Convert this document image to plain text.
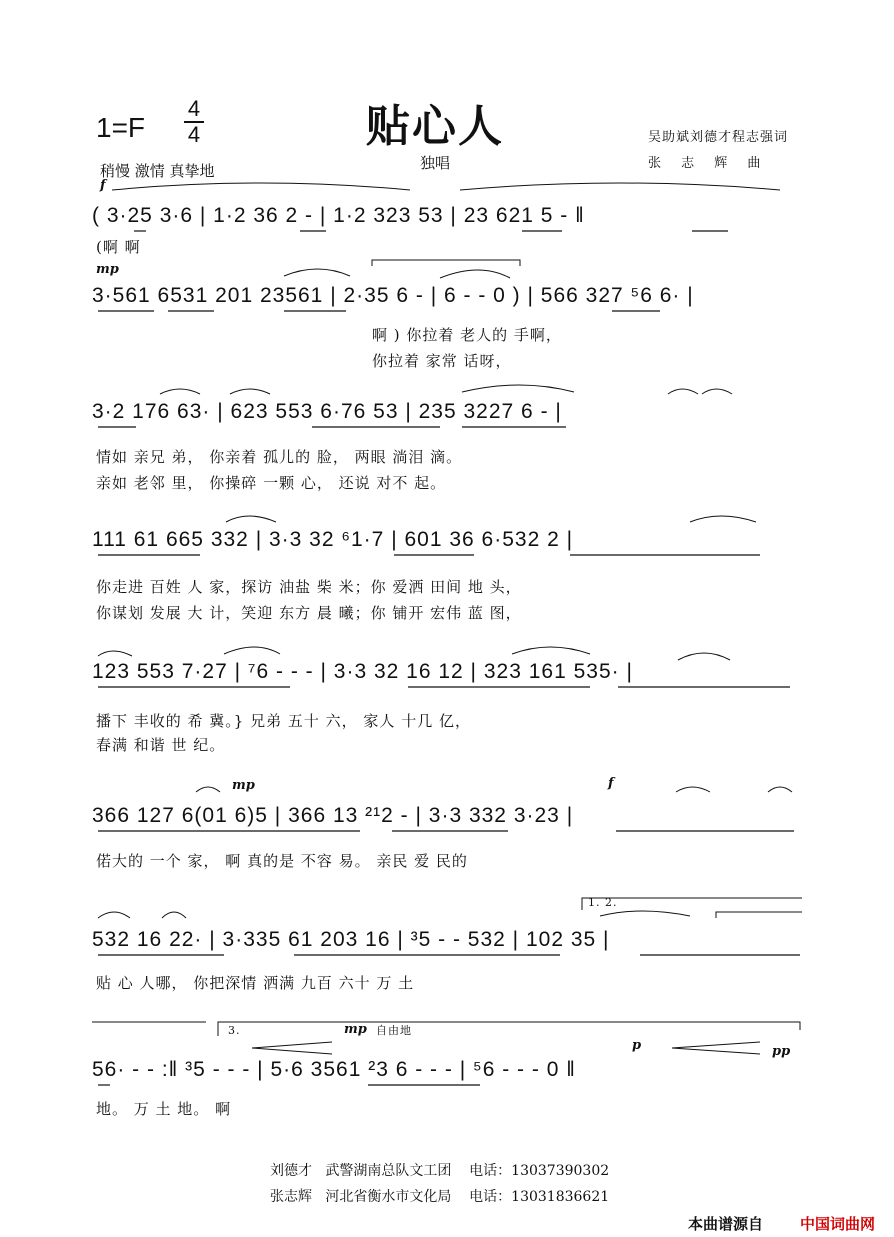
1=F
4
4	贴心人	吴助斌刘德才程志强词
张 志 辉 曲
稍慢 激情 真挚地	独唱
f
( 3·25 3·6 | 1·2 36 2 - | 1·2 323 53 | 23 621 5 - ‖
(啊 啊
mp
3·561 6531 201 23561 | 2·35 6 - | 6 - - 0 ) | 566 327 ⁵6 6· |
啊 ) 你拉着 老人的 手啊，
你拉着 家常 话呀，
3·2 176 63· | 623 553 6·76 53 | 235 3227 6 - |
情如 亲兄 弟， 你亲着 孤儿的 脸， 两眼 淌泪 滴。
亲如 老邻 里， 你操碎 一颗 心， 还说 对不 起。
111 61 665 332 | 3·3 32 ⁶1·7 | 601 36 6·532 2 |
你走进 百姓 人 家，探访 油盐 柴 米；你 爱洒 田间 地 头，
你谋划 发展 大 计，笑迎 东方 晨 曦；你 铺开 宏伟 蓝 图，
123 553 7·27 | ⁷6 - - - | 3·3 32 16 12 | 323 161 535· |
播下 丰收的 希 冀。} 兄弟 五十 六， 家人 十几 亿，
春满 和谐 世 纪。
mp	f
366 127 6(01 6)5 | 366 13 ²¹2 - | 3·3 332 3·23 |
偌大的 一个 家， 啊 真的是 不容 易。 亲民 爱 民的
1. 2.
532 16 22· | 3·335 61 203 16 | ³5 - - 532 | 102 35 |
贴 心 人哪， 你把深情 洒满 九百 六十 万 土
3.	mp 自由地
p	pp
56· - - :‖ ³5 - - - | 5·6 3561 ²3 6 - - - | ⁵6 - - - 0 ‖
地。 万 土 地。 啊
刘德才 武警湖南总队文工团 电话：13037390302
张志辉 河北省衡水市文化局 电话：13031836621
本曲谱源自 中国词曲网
